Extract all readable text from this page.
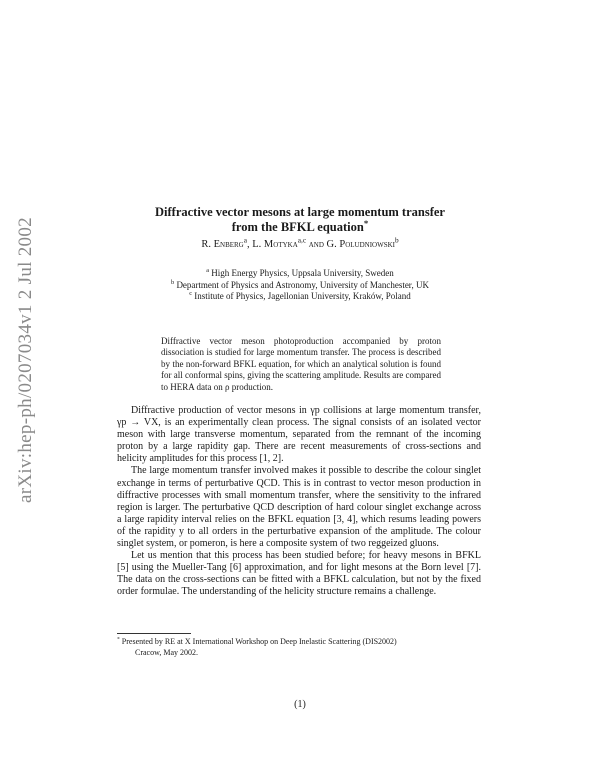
arXiv:hep-ph/0207034v1 2 Jul 2002
Diffractive vector mesons at large momentum transfer
from the BFKL equation*
R. Enberg$^a$, L. Motyka$^{a,c}$ and G. Poludniowski$^b$
$^a$ High Energy Physics, Uppsala University, Sweden
$^b$ Department of Physics and Astronomy, University of Manchester, UK
$^c$ Institute of Physics, Jagellonian University, Kraków, Poland
Diffractive vector meson photoproduction accompanied by proton dissociation is studied for large momentum transfer. The process is described by the non-forward BFKL equation, for which an analytical solution is found for all conformal spins, giving the scattering amplitude. Results are compared to HERA data on ρ production.

Diffractive production of vector mesons in γp collisions at large momentum transfer, γp → VX, is an experimentally clean process. The signal consists of an isolated vector meson with large transverse momentum, separated from the remnant of the incoming proton by a large rapidity gap. There are recent measurements of cross-sections and helicity amplitudes for this process [1, 2].

The large momentum transfer involved makes it possible to describe the colour singlet exchange in terms of perturbative QCD. This is in contrast to vector meson production in diffractive processes with small momentum transfer, where the sensitivity to the infrared region is larger. The perturbative QCD description of hard colour singlet exchange across a large rapidity interval relies on the BFKL equation [3, 4], which resums leading powers of the rapidity y to all orders in the perturbative expansion of the amplitude. The colour singlet system, or pomeron, is here a composite system of two reggeized gluons.

Let us mention that this process has been studied before; for heavy mesons in BFKL [5] using the Mueller-Tang [6] approximation, and for light mesons at the Born level [7]. The data on the cross-sections can be fitted with a BFKL calculation, but not by the fixed order formulae. The understanding of the helicity structure remains a challenge.

* Presented by RE at X International Workshop on Deep Inelastic Scattering (DIS2002)
Cracow, May 2002.
(1)
